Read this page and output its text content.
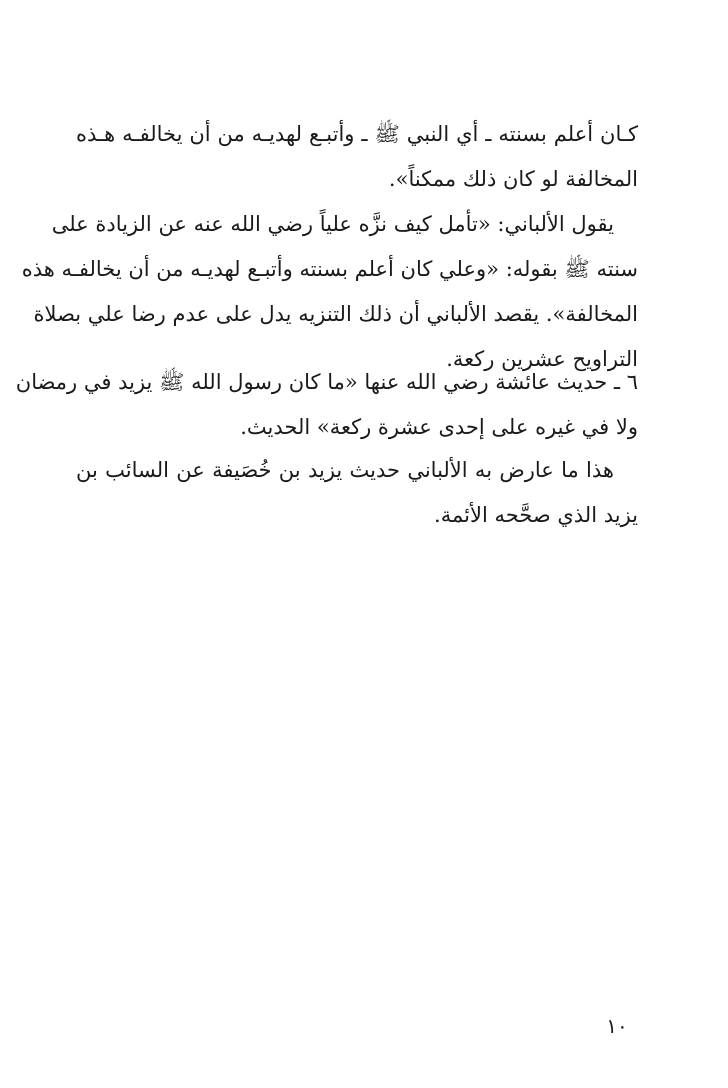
كـان أعلم بسنته ـ أي النبي ﷺ ـ وأتبـع لهديـه من أن يخالفـه هـذه
المخالفة لو كان ذلك ممكناً».
يقول الألباني: «تأمل كيف نزَّه علياً رضي الله عنه عن الزيادة على
سنته ﷺ بقوله: «وعلي كان أعلم بسنته وأتبـع لهديـه من أن يخالفـه هذه
المخالفة». يقصد الألباني أن ذلك التنزيه يدل على عدم رضا علي بصلاة
التراويح عشرين ركعة.
٦ ـ حديث عائشة رضي الله عنها «ما كان رسول الله ﷺ يزيد في رمضان
ولا في غيره على إحدى عشرة ركعة» الحديث.
هذا ما عارض به الألباني حديث يزيد بن خُصَيفة عن السائب بن
يزيد الذي صحَّحه الأئمة.
١٠
